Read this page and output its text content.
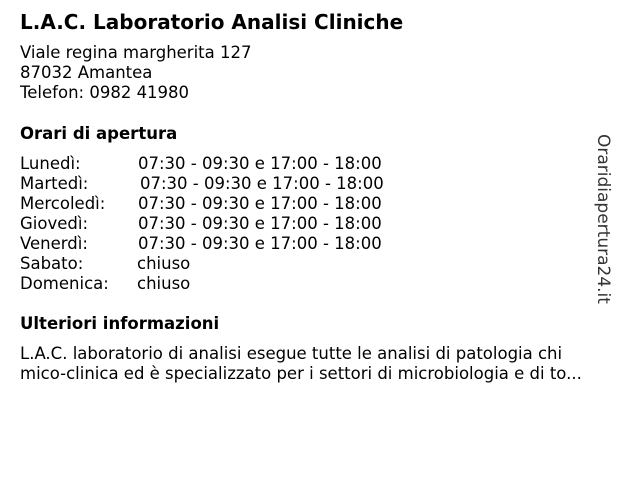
L.A.C. Laboratorio Analisi Cliniche
Viale regina margherita 127
87032 Amantea
Telefon: 0982 41980
Orari di apertura
Lunedì:	07:30 - 09:30 e 17:00 - 18:00
Martedì:	07:30 - 09:30 e 17:00 - 18:00
Mercoledì: 07:30 - 09:30 e 17:00 - 18:00
Giovedì:	07:30 - 09:30 e 17:00 - 18:00
Venerdì:	07:30 - 09:30 e 17:00 - 18:00
Sabato:	chiuso
Domenica: chiuso
Ulteriori informazioni
L.A.C. laboratorio di analisi esegue tutte le analisi di patologia chi
mico-clinica ed è specializzato per i settori di microbiologia e di to...
Oraridiapertura24.it
